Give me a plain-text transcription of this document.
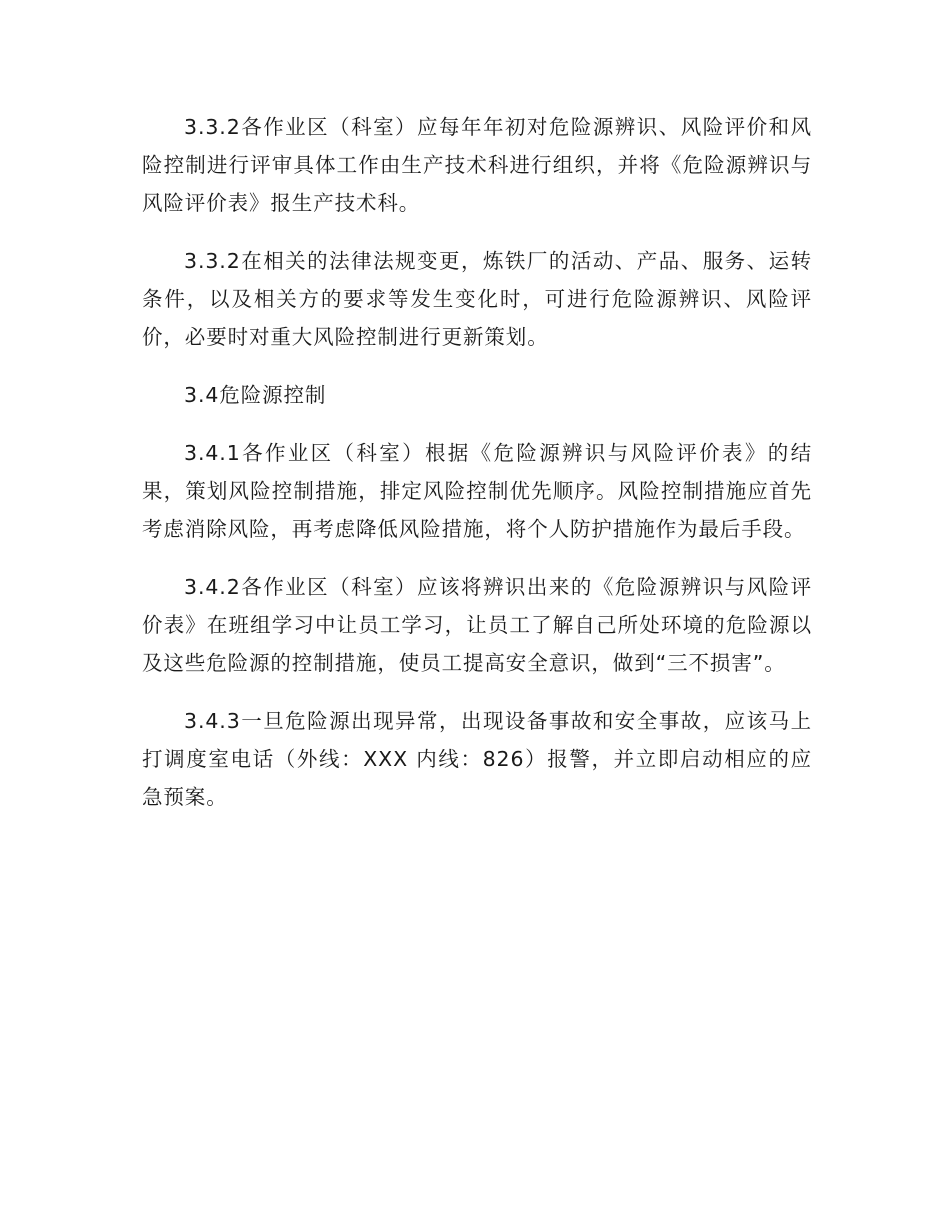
3.3.2各作业区（科室）应每年年初对危险源辨识、风险评价和风险控制进行评审具体工作由生产技术科进行组织，并将《危险源辨识与风险评价表》报生产技术科。

3.3.2在相关的法律法规变更，炼铁厂的活动、产品、服务、运转条件，以及相关方的要求等发生变化时，可进行危险源辨识、风险评价，必要时对重大风险控制进行更新策划。

3.4危险源控制

3.4.1各作业区（科室）根据《危险源辨识与风险评价表》的结果，策划风险控制措施，排定风险控制优先顺序。风险控制措施应首先考虑消除风险，再考虑降低风险措施，将个人防护措施作为最后手段。

3.4.2各作业区（科室）应该将辨识出来的《危险源辨识与风险评价表》在班组学习中让员工学习，让员工了解自己所处环境的危险源以及这些危险源的控制措施，使员工提高安全意识，做到“三不损害”。

3.4.3一旦危险源出现异常，出现设备事故和安全事故，应该马上打调度室电话（外线：XXX 内线：826）报警，并立即启动相应的应急预案。
